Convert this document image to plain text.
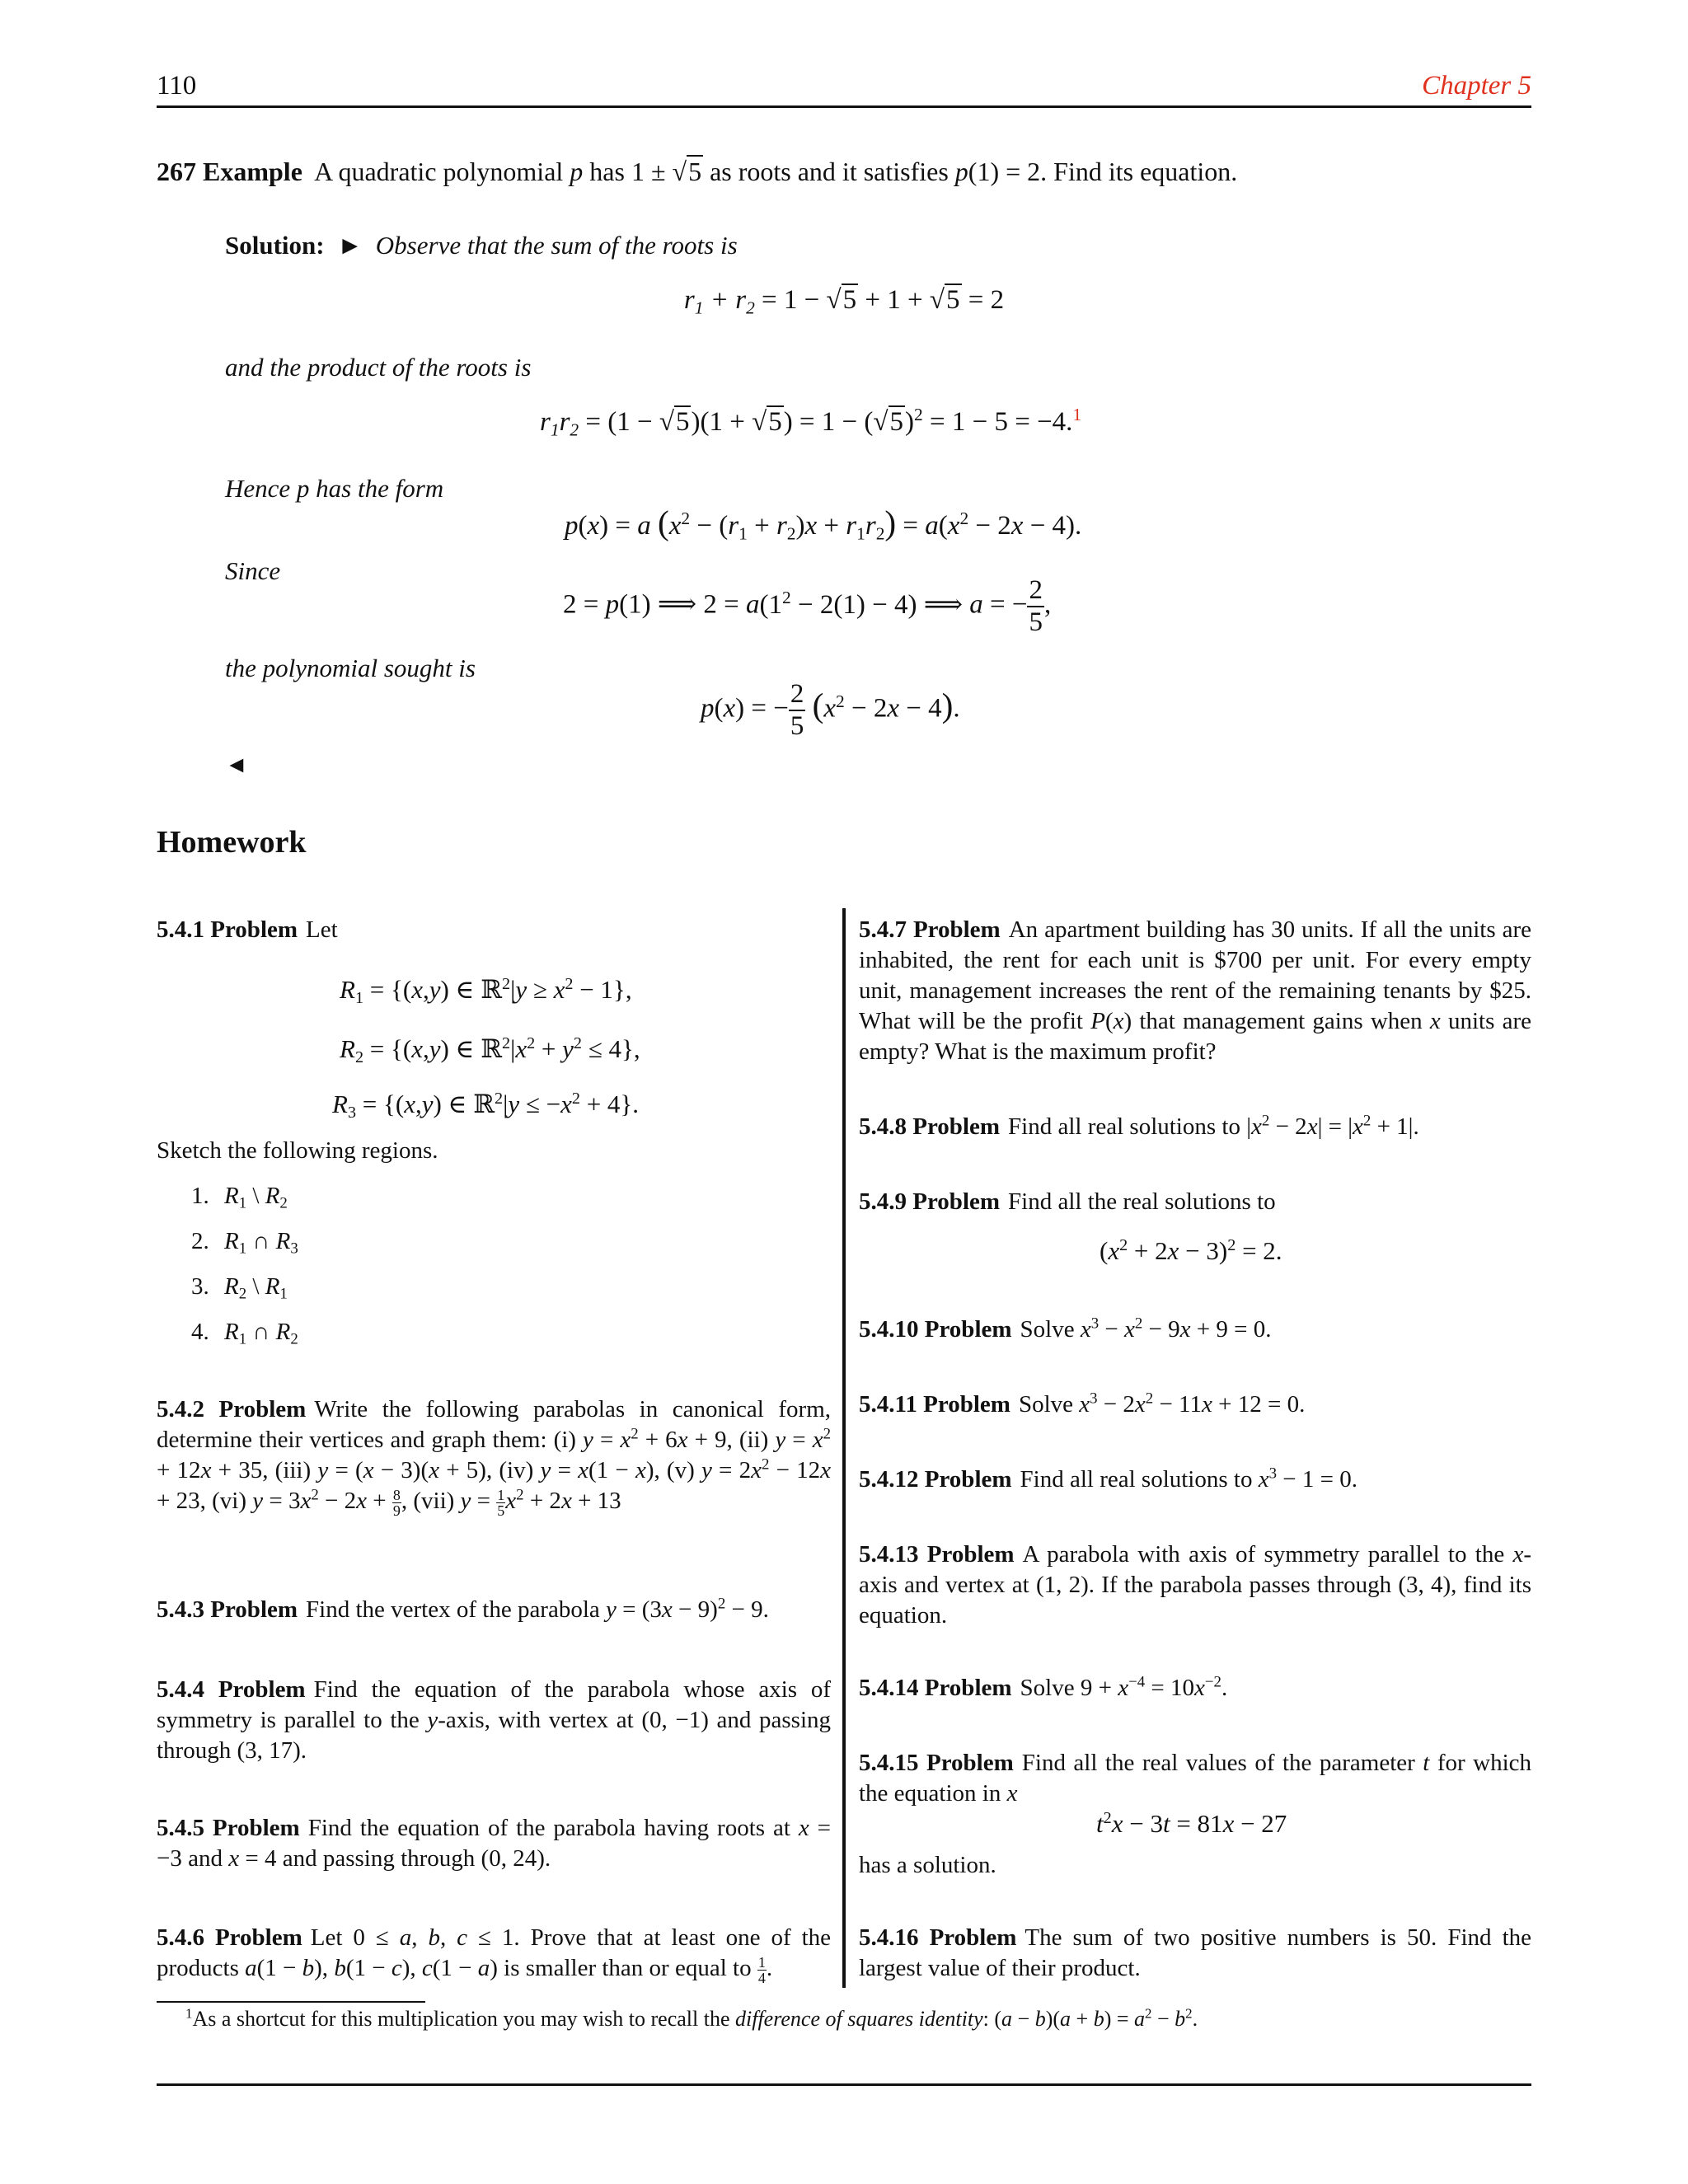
110	Chapter 5
267 Example A quadratic polynomial p has 1 ± √5 as roots and it satisfies p(1) = 2. Find its equation.
Solution: ► Observe that the sum of the roots is
$r_1 + r_2 = 1 - √5 + 1 + √5 = 2$
and the product of the roots is
$r_1r_2 = (1 - √5)(1 + √5) = 1 - (√5)^2 = 1 - 5 = -4.^1$
Hence p has the form
p(x) = a $(x^2 - (r_1 + r_2)x + r_1r_2) = a(x^2 - 2x - 4)$.
Since
2 = p(1) ⟹ $2 = a(1^2 - 2(1) - 4)$ ⟹ a = − $\frac{2}{5}$ ,
the polynomial sought is
p(x) = − $\frac{2}{5} (x^2 - 2x - 4)$.
◄
Homework
5.4.1 Problem Let
$R_1 = \{(x,y)$ ∈ ℝ$^2$|y ≥ $x^2 - 1$},
$R_2 = \{(x,y)$ ∈ $ℝ^2|x^2 + y^2 \le 4$},
$R_3 = \{(x,y)$ ∈ ℝ$^2$|y ≤ $-x^2 + 4$}.
Sketch the following regions.
1. $R_1$ \ $R_2$
2. $R_1$ ∩ $R_3$
3. $R_2$ \ $R_1$
4. $R_1$ ∩ $R_2$
5.4.2 Problem Write the following parabolas in canonical form, determine their vertices and graph them: (i) $y = x^2 + 6x + 9$, (ii) $y = x^2 + 12x + 35$, (iii) y = (x − 3)(x + 5), (iv) y = x(1 − x), (v) $y = 2x^2 - 12x + 23$, (vi) $y = 3x^2 - 2x + \frac{8}{9}$ , (vii) $y = \frac{1}{5} x^2 + 2x + 13$
5.4.3 Problem Find the vertex of the parabola $y = (3x - 9)^2 - 9$.
5.4.4 Problem Find the equation of the parabola whose axis of symmetry is parallel to the y-axis, with vertex at (0, −1) and passing through (3, 17).
5.4.5 Problem Find the equation of the parabola having roots at x = −3 and x = 4 and passing through (0, 24).
5.4.6 Problem Let 0 ≤ a, b, c ≤ 1. Prove that at least one of the products a(1 − b), b(1 − c), c(1 − a) is smaller than or equal to $\frac{1}{4}$ .
5.4.7 Problem An apartment building has 30 units. If all the units are inhabited, the rent for each unit is $700 per unit. For every empty unit, management increases the rent of the remaining tenants by $25. What will be the profit P(x) that management gains when x units are empty? What is the maximum profit?
5.4.8 Problem Find all real solutions to $|x^2 - 2x| = |x^2 + 1|$.
5.4.9 Problem Find all the real solutions to
$(x^2 + 2x - 3)^2 = 2$.
5.4.10 Problem Solve $x^3 - x^2 - 9x + 9 = 0$.
5.4.11 Problem Solve $x^3 - 2x^2 - 11x + 12 = 0$.
5.4.12 Problem Find all real solutions to $x^3 - 1 = 0$.
5.4.13 Problem A parabola with axis of symmetry parallel to the x-axis and vertex at (1, 2). If the parabola passes through (3, 4), find its equation.
5.4.14 Problem Solve $9 + x^{-4} = 10x^{-2}$.
5.4.15 Problem Find all the real values of the parameter t for which the equation in x
$t^2x - 3t = 81x - 27$
has a solution.
5.4.16 Problem The sum of two positive numbers is 50. Find the largest value of their product.
$^1$As a shortcut for this multiplication you may wish to recall the difference of squares identity: $(a - b)(a + b) = a^2 - b^2$.
